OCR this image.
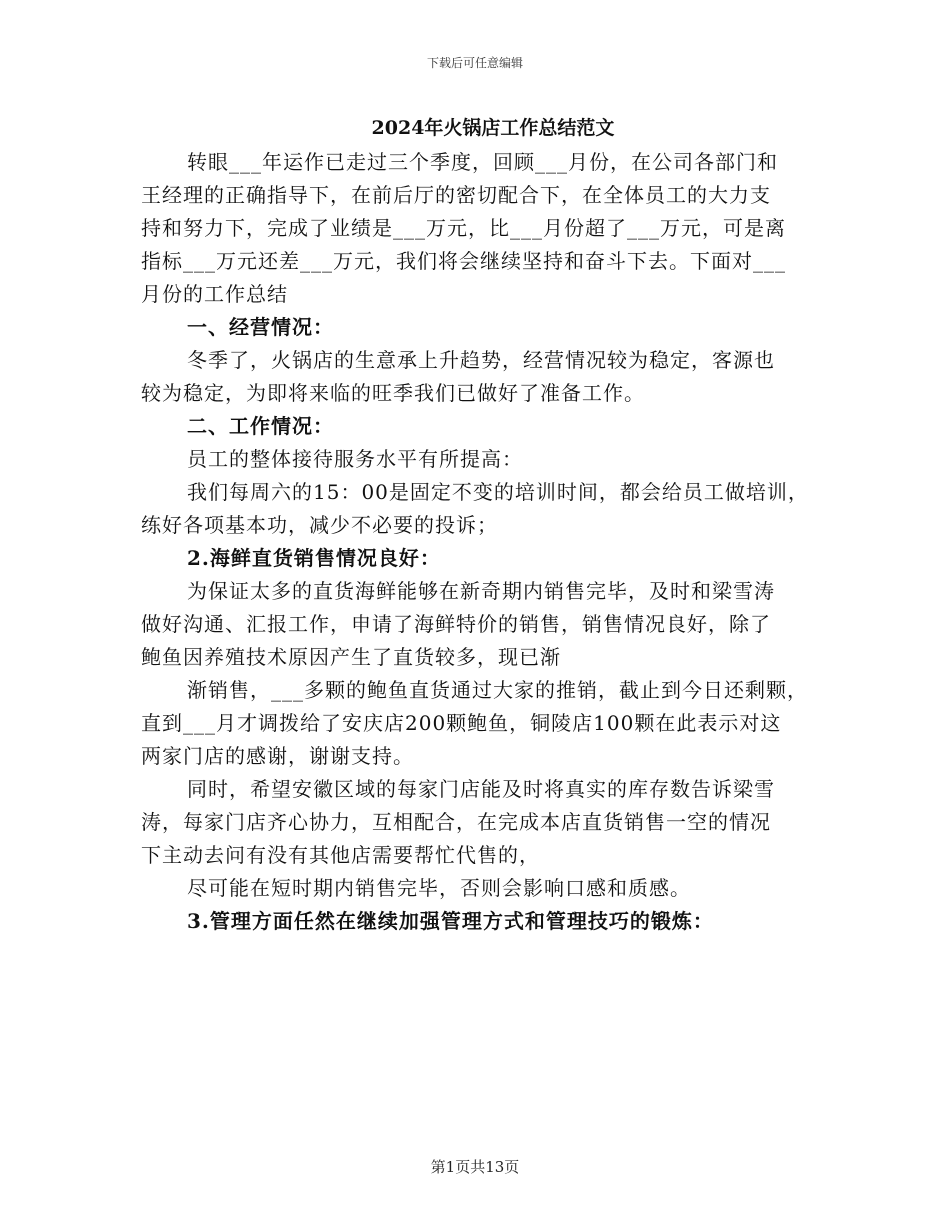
下载后可任意编辑
2024年火锅店工作总结范文

转眼___年运作已走过三个季度，回顾___月份，在公司各部门和

王经理的正确指导下，在前后厅的密切配合下，在全体员工的大力支

持和努力下，完成了业绩是___万元，比___月份超了___万元，可是离

指标___万元还差___万元，我们将会继续坚持和奋斗下去。下面对___

月份的工作总结

一、经营情况：

冬季了，火锅店的生意承上升趋势，经营情况较为稳定，客源也

较为稳定，为即将来临的旺季我们已做好了准备工作。

二、工作情况：

员工的整体接待服务水平有所提高：

我们每周六的15：00是固定不变的培训时间，都会给员工做培训，

练好各项基本功，减少不必要的投诉；

2.海鲜直货销售情况良好：

为保证太多的直货海鲜能够在新奇期内销售完毕，及时和梁雪涛

做好沟通、汇报工作，申请了海鲜特价的销售，销售情况良好，除了

鲍鱼因养殖技术原因产生了直货较多，现已渐

渐销售，___多颗的鲍鱼直货通过大家的推销，截止到今日还剩颗，

直到___月才调拨给了安庆店200颗鲍鱼，铜陵店100颗在此表示对这

两家门店的感谢，谢谢支持。

同时，希望安徽区域的每家门店能及时将真实的库存数告诉梁雪

涛，每家门店齐心协力，互相配合，在完成本店直货销售一空的情况

下主动去问有没有其他店需要帮忙代售的，

尽可能在短时期内销售完毕，否则会影响口感和质感。

3.管理方面任然在继续加强管理方式和管理技巧的锻炼：

第1页共13页
